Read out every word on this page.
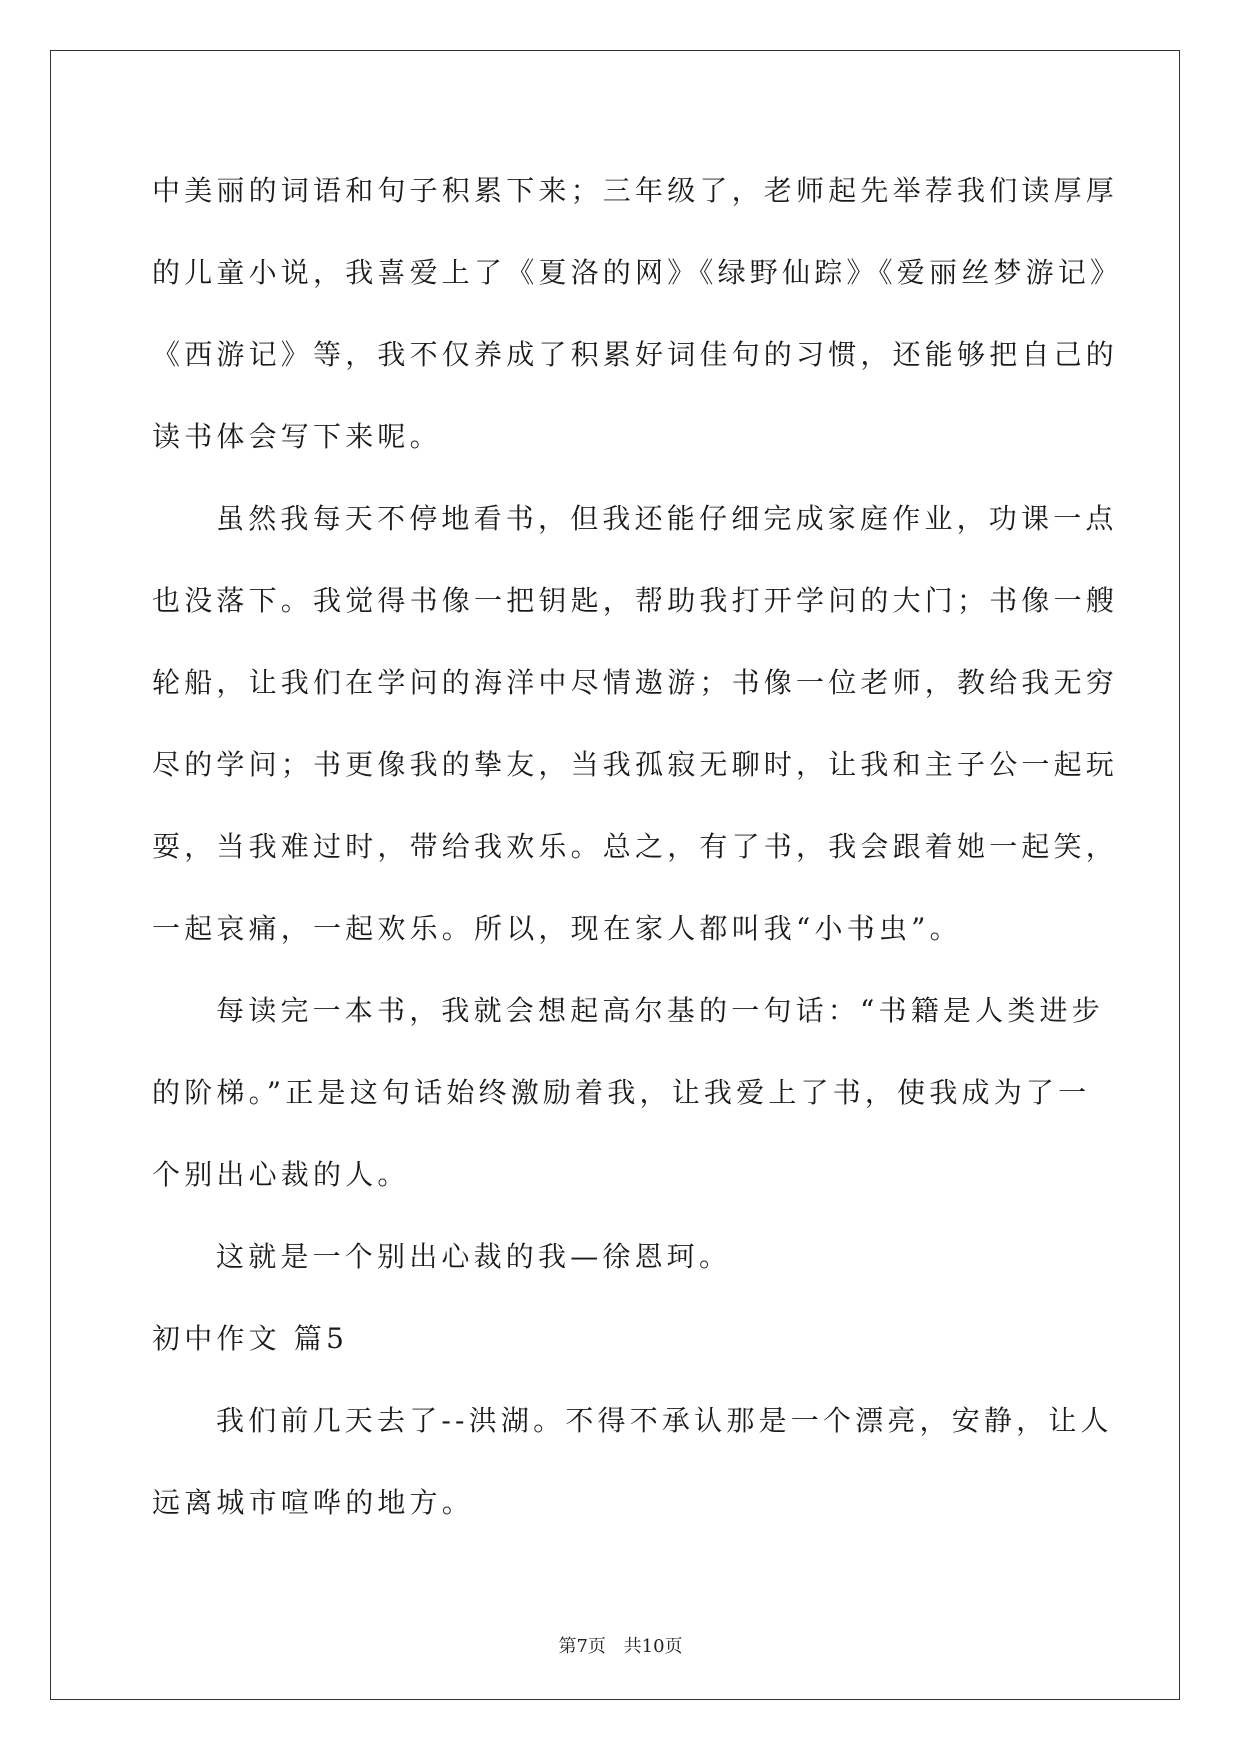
中美丽的词语和句子积累下来；三年级了，老师起先举荐我们读厚厚
的儿童小说，我喜爱上了《夏洛的网》《绿野仙踪》《爱丽丝梦游记》
《西游记》等，我不仅养成了积累好词佳句的习惯，还能够把自己的
读书体会写下来呢。
虽然我每天不停地看书，但我还能仔细完成家庭作业，功课一点
也没落下。我觉得书像一把钥匙，帮助我打开学问的大门；书像一艘
轮船，让我们在学问的海洋中尽情遨游；书像一位老师，教给我无穷
尽的学问；书更像我的挚友，当我孤寂无聊时，让我和主子公一起玩
耍，当我难过时，带给我欢乐。总之，有了书，我会跟着她一起笑，
一起哀痛，一起欢乐。所以，现在家人都叫我“小书虫”。
每读完一本书，我就会想起高尔基的一句话：“书籍是人类进步
的阶梯。”正是这句话始终激励着我，让我爱上了书，使我成为了一
个别出心裁的人。
这就是一个别出心裁的我—徐恩珂。
初中作文 篇5
我们前几天去了--洪湖。不得不承认那是一个漂亮，安静，让人
远离城市喧哗的地方。
第7页 共10页
